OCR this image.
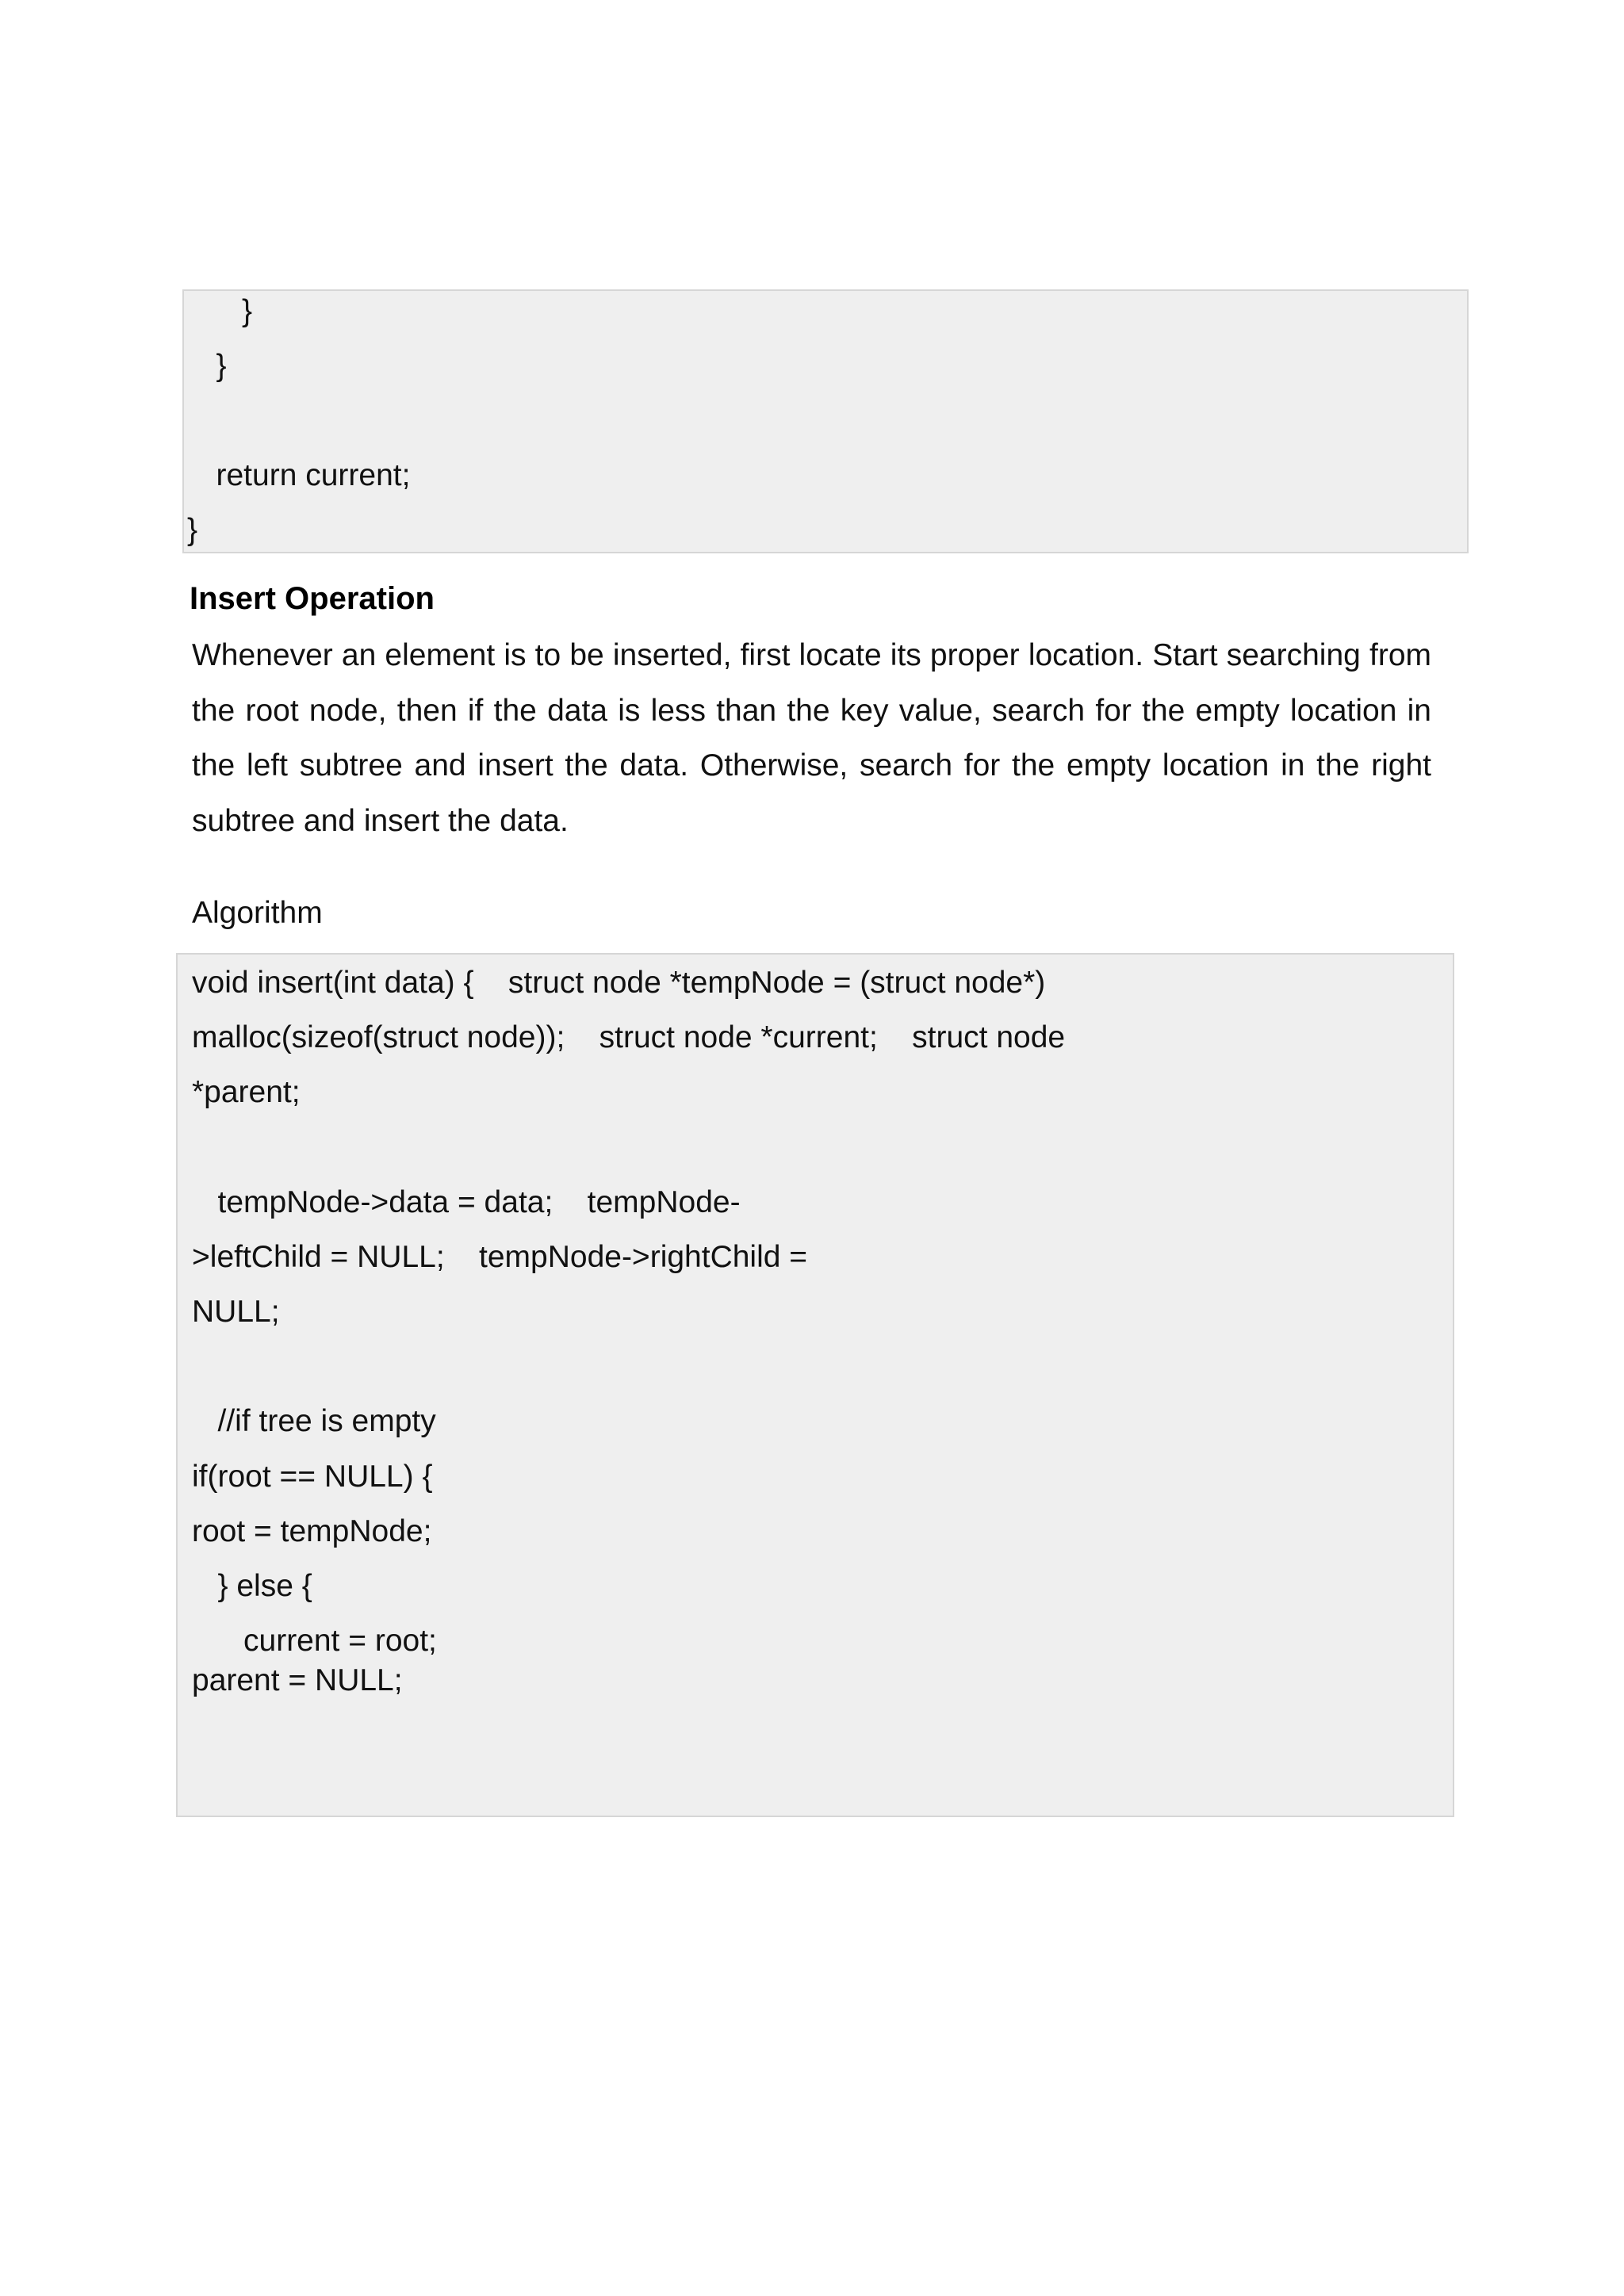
}
}
return current;
}
Insert Operation
Whenever an element is to be inserted, first locate its proper location. Start searching from the root node, then if the data is less than the key value, search for the empty location in the left subtree and insert the data. Otherwise, search for the empty location in the right subtree and insert the data.
Algorithm
void insert(int data) {    struct node *tempNode = (struct node*)
malloc(sizeof(struct node));    struct node *current;    struct node
*parent;
tempNode->data = data;    tempNode-
>leftChild = NULL;    tempNode->rightChild =
NULL;
//if tree is empty
if(root == NULL) {
root = tempNode;
} else {
current = root;
parent = NULL;
